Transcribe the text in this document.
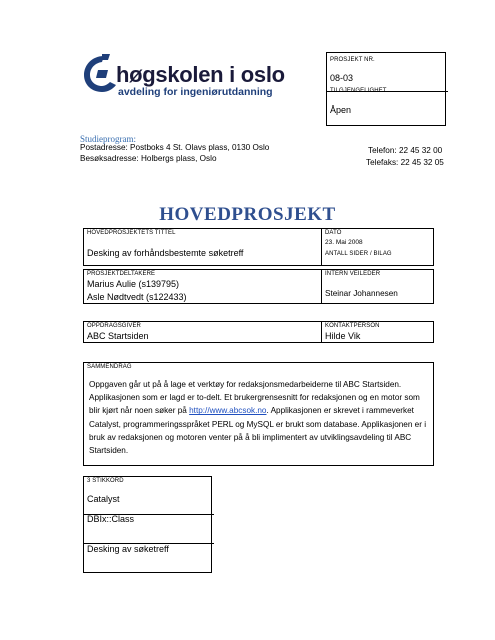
høgskolen i oslo
avdeling for ingeniørutdanning
PROSJEKT NR.
08-03
TILGJENGELIGHET
Åpen
Studieprogram:
Postadresse: Postboks 4 St. Olavs plass, 0130 Oslo
Besøksadresse: Holbergs plass, Oslo
Telefon: 22 45 32 00
Telefaks: 22 45 32 05
HOVEDPROSJEKT
HOVEDPROSJEKTETS TITTEL
Desking av forhåndsbestemte søketreff
DATO
23. Mai 2008
ANTALL SIDER / BILAG
PROSJEKTDELTAKERE
Marius Aulie (s139795)
Asle Nødtvedt (s122433)
INTERN VEILEDER
Steinar Johannesen
OPPDRAGSGIVER
ABC Startsiden
KONTAKTPERSON
Hilde Vik
SAMMENDRAG
Oppgaven går ut på å lage et verktøy for redaksjonsmedarbeiderne til ABC Startsiden. Applikasjonen som er lagd er to-delt. Et brukergrensesnitt for redaksjonen og en motor som blir kjørt når noen søker på http://www.abcsok.no. Applikasjonen er skrevet i rammeverket Catalyst, programmeringsspråket PERL og MySQL er brukt som database. Applikasjonen er i bruk av redaksjonen og motoren venter på å bli implimentert av utviklingsavdeling til ABC Startsiden.
3 STIKKORD
Catalyst
DBIx::Class
Desking av søketreff
